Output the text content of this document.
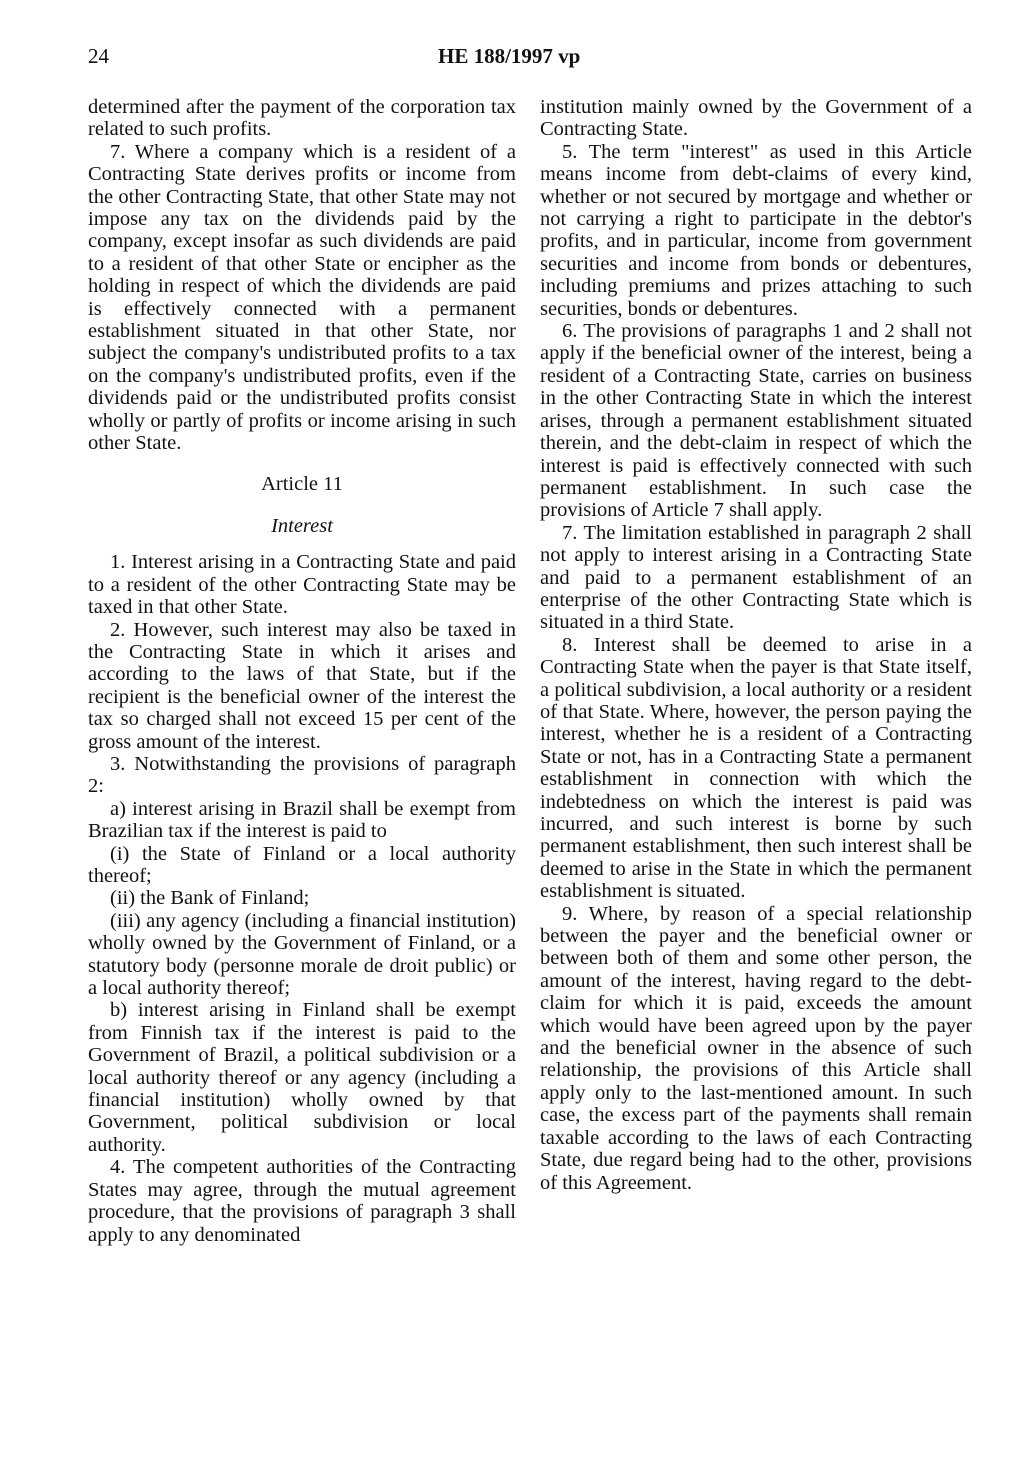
24	HE 188/1997 vp

determined after the payment of the corporation tax related to such profits.

7. Where a company which is a resident of a Contracting State derives profits or income from the other Contracting State, that other State may not impose any tax on the dividends paid by the company, except insofar as such dividends are paid to a resident of that other State or encipher as the holding in respect of which the dividends are paid is effectively connected with a permanent establishment situated in that other State, nor subject the company's undistributed profits to a tax on the company's undistributed profits, even if the dividends paid or the undistributed profits consist wholly or partly of profits or income arising in such other State.

Article 11

Interest

1. Interest arising in a Contracting State and paid to a resident of the other Contracting State may be taxed in that other State.

2. However, such interest may also be taxed in the Contracting State in which it arises and according to the laws of that State, but if the recipient is the beneficial owner of the interest the tax so charged shall not exceed 15 per cent of the gross amount of the interest.

3. Notwithstanding the provisions of paragraph 2:

a) interest arising in Brazil shall be exempt from Brazilian tax if the interest is paid to

(i) the State of Finland or a local authority thereof;

(ii) the Bank of Finland;

(iii) any agency (including a financial institution) wholly owned by the Government of Finland, or a statutory body (personne morale de droit public) or a local authority thereof;

b) interest arising in Finland shall be exempt from Finnish tax if the interest is paid to the Government of Brazil, a political subdivision or a local authority thereof or any agency (including a financial institution) wholly owned by that Government, political subdivision or local authority.

4. The competent authorities of the Contracting States may agree, through the mutual agreement procedure, that the provisions of paragraph 3 shall apply to any denominated

institution mainly owned by the Government of a Contracting State.

5. The term "interest" as used in this Article means income from debt-claims of every kind, whether or not secured by mortgage and whether or not carrying a right to participate in the debtor's profits, and in particular, income from government securities and income from bonds or debentures, including premiums and prizes attaching to such securities, bonds or debentures.

6. The provisions of paragraphs 1 and 2 shall not apply if the beneficial owner of the interest, being a resident of a Contracting State, carries on business in the other Contracting State in which the interest arises, through a permanent establishment situated therein, and the debt-claim in respect of which the interest is paid is effectively connected with such permanent establishment. In such case the provisions of Article 7 shall apply.

7. The limitation established in paragraph 2 shall not apply to interest arising in a Contracting State and paid to a permanent establishment of an enterprise of the other Contracting State which is situated in a third State.

8. Interest shall be deemed to arise in a Contracting State when the payer is that State itself, a political subdivision, a local authority or a resident of that State. Where, however, the person paying the interest, whether he is a resident of a Contracting State or not, has in a Contracting State a permanent establishment in connection with which the indebtedness on which the interest is paid was incurred, and such interest is borne by such permanent establishment, then such interest shall be deemed to arise in the State in which the permanent establishment is situated.

9. Where, by reason of a special relationship between the payer and the beneficial owner or between both of them and some other person, the amount of the interest, having regard to the debt-claim for which it is paid, exceeds the amount which would have been agreed upon by the payer and the beneficial owner in the absence of such relationship, the provisions of this Article shall apply only to the last-mentioned amount. In such case, the excess part of the payments shall remain taxable according to the laws of each Contracting State, due regard being had to the other, provisions of this Agreement.
